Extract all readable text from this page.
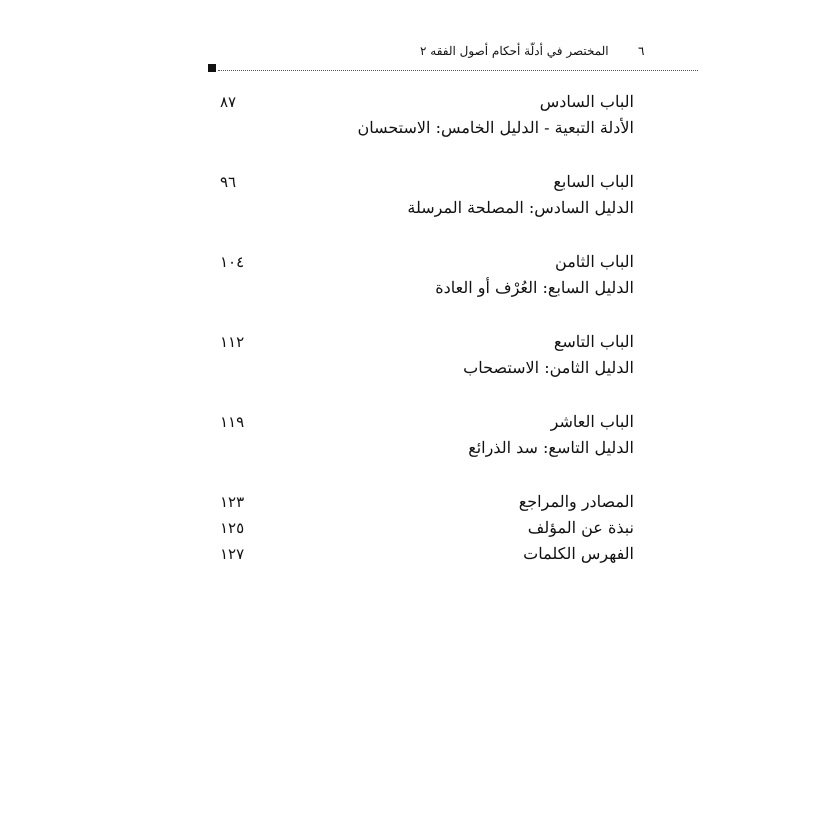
٦
المختصر في أدلّة أحكام أصول الفقه ٢
الباب السادس
٨٧
الأدلة التبعية - الدليل الخامس: الاستحسان
الباب السابع
٩٦
الدليل السادس: المصلحة المرسلة
الباب الثامن
١٠٤
الدليل السابع: العُرْف أو العادة
الباب التاسع
١١٢
الدليل الثامن: الاستصحاب
الباب العاشر
١١٩
الدليل التاسع: سد الذرائع
المصادر والمراجع
١٢٣
نبذة عن المؤلف
١٢٥
الفهرس الكلمات
١٢٧
